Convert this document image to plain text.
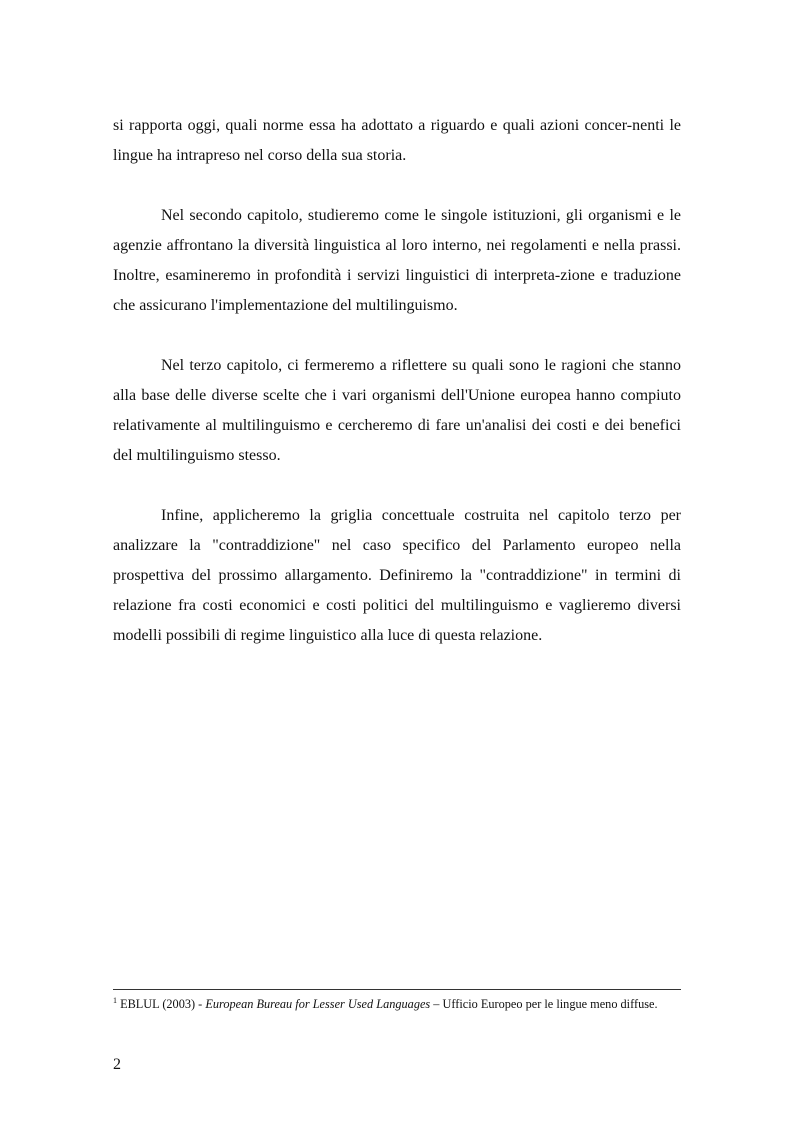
si rapporta oggi, quali norme essa ha adottato a riguardo e quali azioni concer-nenti le lingue ha intrapreso nel corso della sua storia.

Nel secondo capitolo, studieremo come le singole istituzioni, gli organismi e le agenzie affrontano la diversità linguistica al loro interno, nei regolamenti e nella prassi. Inoltre, esamineremo in profondità i servizi linguistici di interpreta-zione e traduzione che assicurano l'implementazione del multilinguismo.

Nel terzo capitolo, ci fermeremo a riflettere su quali sono le ragioni che stanno alla base delle diverse scelte che i vari organismi dell'Unione europea hanno compiuto relativamente al multilinguismo e cercheremo di fare un'analisi dei costi e dei benefici del multilinguismo stesso.

Infine, applicheremo la griglia concettuale costruita nel capitolo terzo per analizzare la "contraddizione" nel caso specifico del Parlamento europeo nella prospettiva del prossimo allargamento. Definiremo la "contraddizione" in termini di relazione fra costi economici e costi politici del multilinguismo e vaglieremo diversi modelli possibili di regime linguistico alla luce di questa relazione.

$^1$ EBLUL (2003) - European Bureau for Lesser Used Languages – Ufficio Europeo per le lingue meno diffuse.
2
